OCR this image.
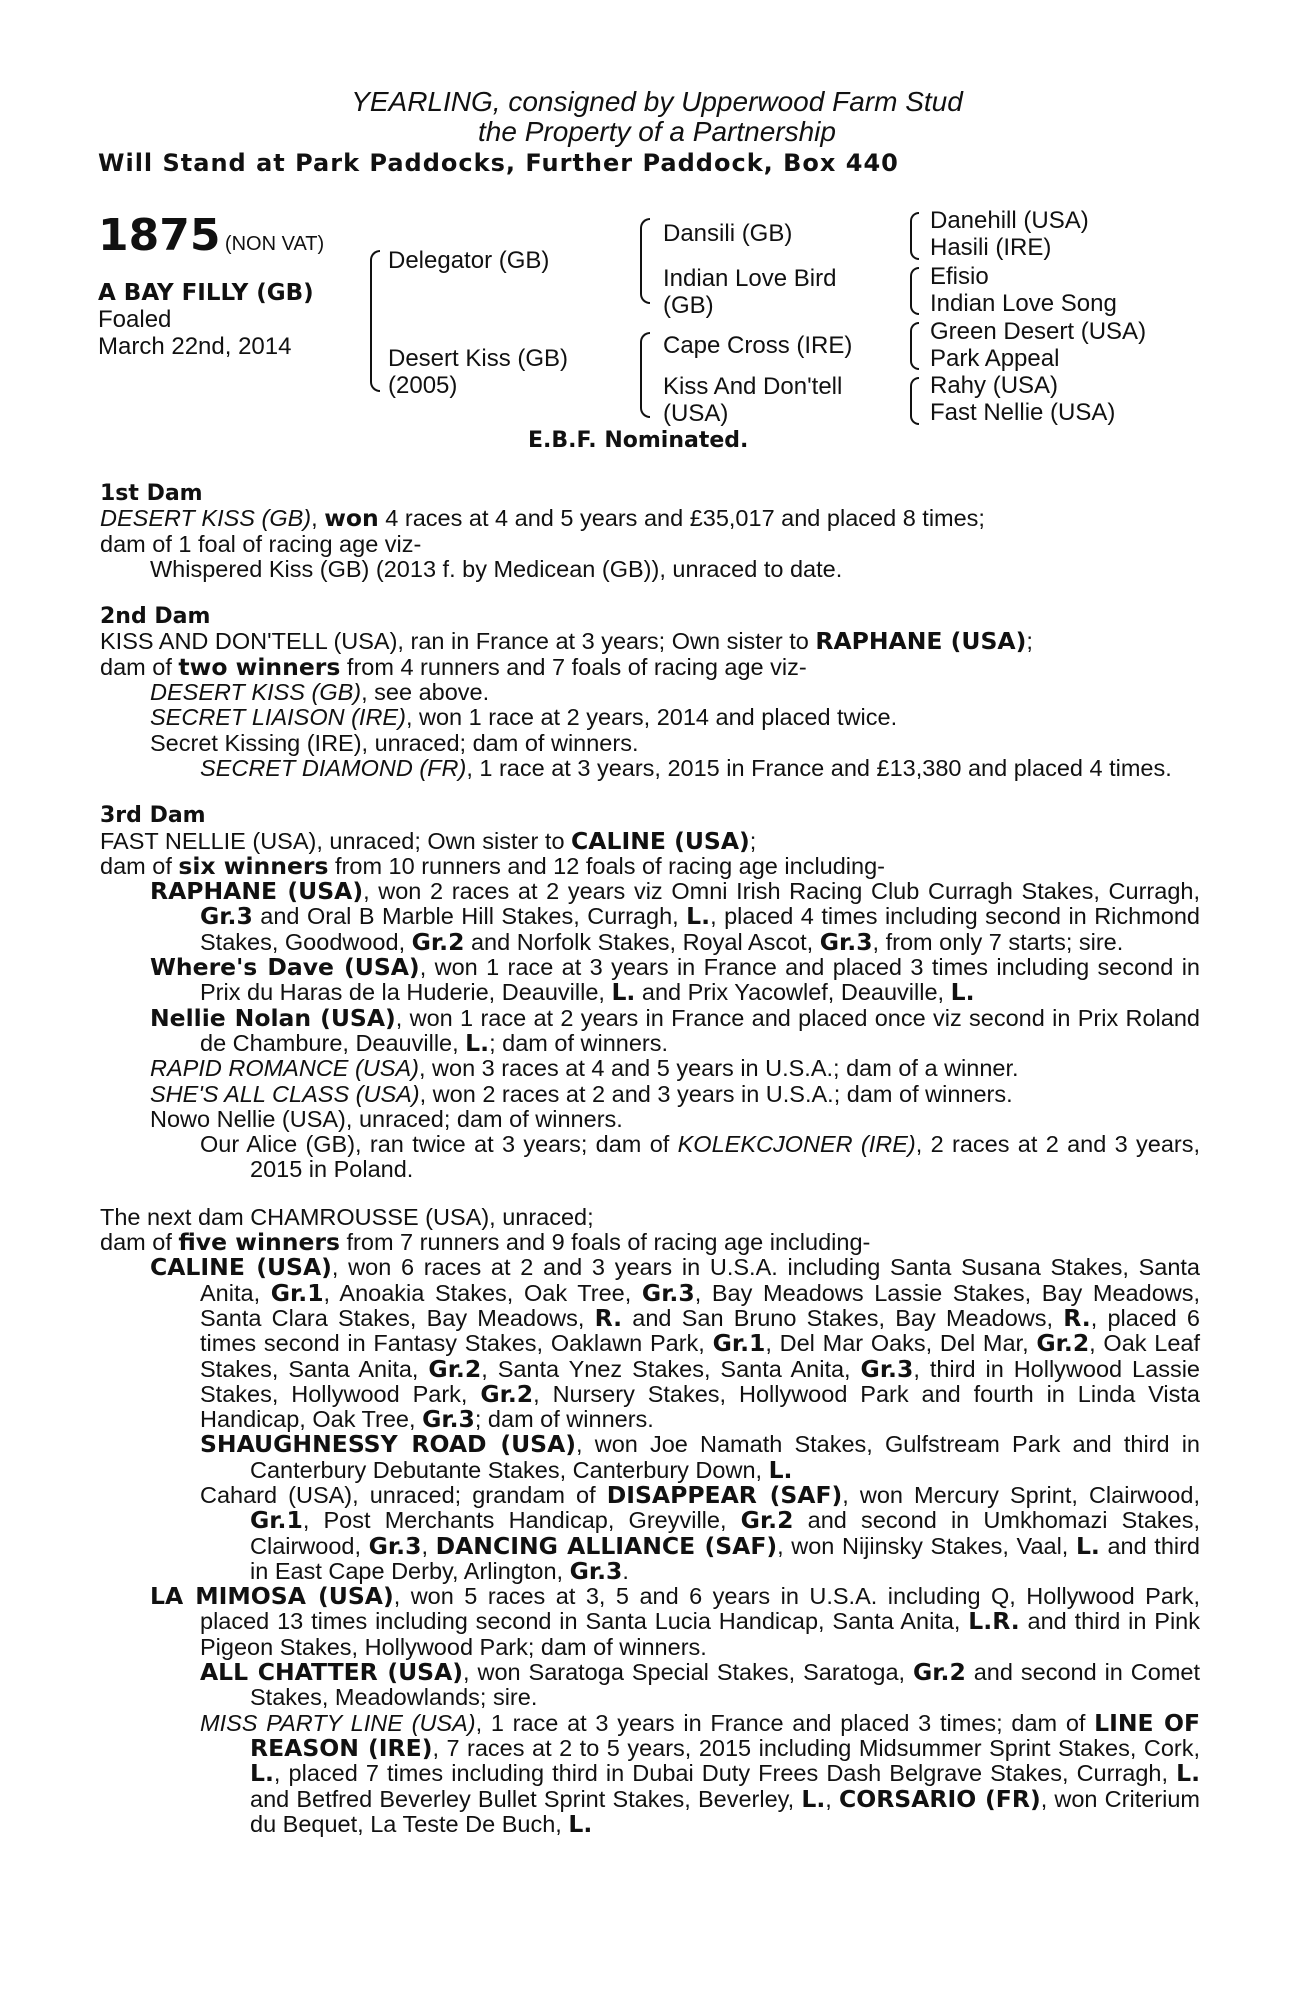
YEARLING, consigned by Upperwood Farm Stud
the Property of a Partnership
Will Stand at Park Paddocks, Further Paddock, Box 440
1875 (NON VAT)
A BAY FILLY (GB)
Foaled
March 22nd, 2014
Delegator (GB)
Desert Kiss (GB)
(2005)
Dansili (GB)
Indian Love Bird
(GB)
Cape Cross (IRE)
Kiss And Don'tell
(USA)
Danehill (USA)
Hasili (IRE)
Efisio
Indian Love Song
Green Desert (USA)
Park Appeal
Rahy (USA)
Fast Nellie (USA)
E.B.F. Nominated.

1st Dam

DESERT KISS (GB), won 4 races at 4 and 5 years and £35,017 and placed 8 times;

dam of 1 foal of racing age viz-

Whispered Kiss (GB) (2013 f. by Medicean (GB)), unraced to date.

2nd Dam

KISS AND DON'TELL (USA), ran in France at 3 years; Own sister to RAPHANE (USA);

dam of two winners from 4 runners and 7 foals of racing age viz-

DESERT KISS (GB), see above.

SECRET LIAISON (IRE), won 1 race at 2 years, 2014 and placed twice.

Secret Kissing (IRE), unraced; dam of winners.

SECRET DIAMOND (FR), 1 race at 3 years, 2015 in France and £13,380 and placed 4 times.

3rd Dam

FAST NELLIE (USA), unraced; Own sister to CALINE (USA);

dam of six winners from 10 runners and 12 foals of racing age including-

RAPHANE (USA), won 2 races at 2 years viz Omni Irish Racing Club Curragh Stakes, Curragh, Gr.3 and Oral B Marble Hill Stakes, Curragh, L., placed 4 times including second in Richmond Stakes, Goodwood, Gr.2 and Norfolk Stakes, Royal Ascot, Gr.3, from only 7 starts; sire.

Where's Dave (USA), won 1 race at 3 years in France and placed 3 times including second in Prix du Haras de la Huderie, Deauville, L. and Prix Yacowlef, Deauville, L.

Nellie Nolan (USA), won 1 race at 2 years in France and placed once viz second in Prix Roland de Chambure, Deauville, L.; dam of winners.

RAPID ROMANCE (USA), won 3 races at 4 and 5 years in U.S.A.; dam of a winner.

SHE'S ALL CLASS (USA), won 2 races at 2 and 3 years in U.S.A.; dam of winners.

Nowo Nellie (USA), unraced; dam of winners.

Our Alice (GB), ran twice at 3 years; dam of KOLEKCJONER (IRE), 2 races at 2 and 3 years, 2015 in Poland.

The next dam CHAMROUSSE (USA), unraced;

dam of five winners from 7 runners and 9 foals of racing age including-

CALINE (USA), won 6 races at 2 and 3 years in U.S.A. including Santa Susana Stakes, Santa Anita, Gr.1, Anoakia Stakes, Oak Tree, Gr.3, Bay Meadows Lassie Stakes, Bay Meadows, Santa Clara Stakes, Bay Meadows, R. and San Bruno Stakes, Bay Meadows, R., placed 6 times second in Fantasy Stakes, Oaklawn Park, Gr.1, Del Mar Oaks, Del Mar, Gr.2, Oak Leaf Stakes, Santa Anita, Gr.2, Santa Ynez Stakes, Santa Anita, Gr.3, third in Hollywood Lassie Stakes, Hollywood Park, Gr.2, Nursery Stakes, Hollywood Park and fourth in Linda Vista Handicap, Oak Tree, Gr.3; dam of winners.

SHAUGHNESSY ROAD (USA), won Joe Namath Stakes, Gulfstream Park and third in Canterbury Debutante Stakes, Canterbury Down, L.

Cahard (USA), unraced; grandam of DISAPPEAR (SAF), won Mercury Sprint, Clairwood, Gr.1, Post Merchants Handicap, Greyville, Gr.2 and second in Umkhomazi Stakes, Clairwood, Gr.3, DANCING ALLIANCE (SAF), won Nijinsky Stakes, Vaal, L. and third in East Cape Derby, Arlington, Gr.3.

LA MIMOSA (USA), won 5 races at 3, 5 and 6 years in U.S.A. including Q, Hollywood Park, placed 13 times including second in Santa Lucia Handicap, Santa Anita, L.R. and third in Pink Pigeon Stakes, Hollywood Park; dam of winners.

ALL CHATTER (USA), won Saratoga Special Stakes, Saratoga, Gr.2 and second in Comet Stakes, Meadowlands; sire.

MISS PARTY LINE (USA), 1 race at 3 years in France and placed 3 times; dam of LINE OF REASON (IRE), 7 races at 2 to 5 years, 2015 including Midsummer Sprint Stakes, Cork, L., placed 7 times including third in Dubai Duty Frees Dash Belgrave Stakes, Curragh, L. and Betfred Beverley Bullet Sprint Stakes, Beverley, L., CORSARIO (FR), won Criterium du Bequet, La Teste De Buch, L.
